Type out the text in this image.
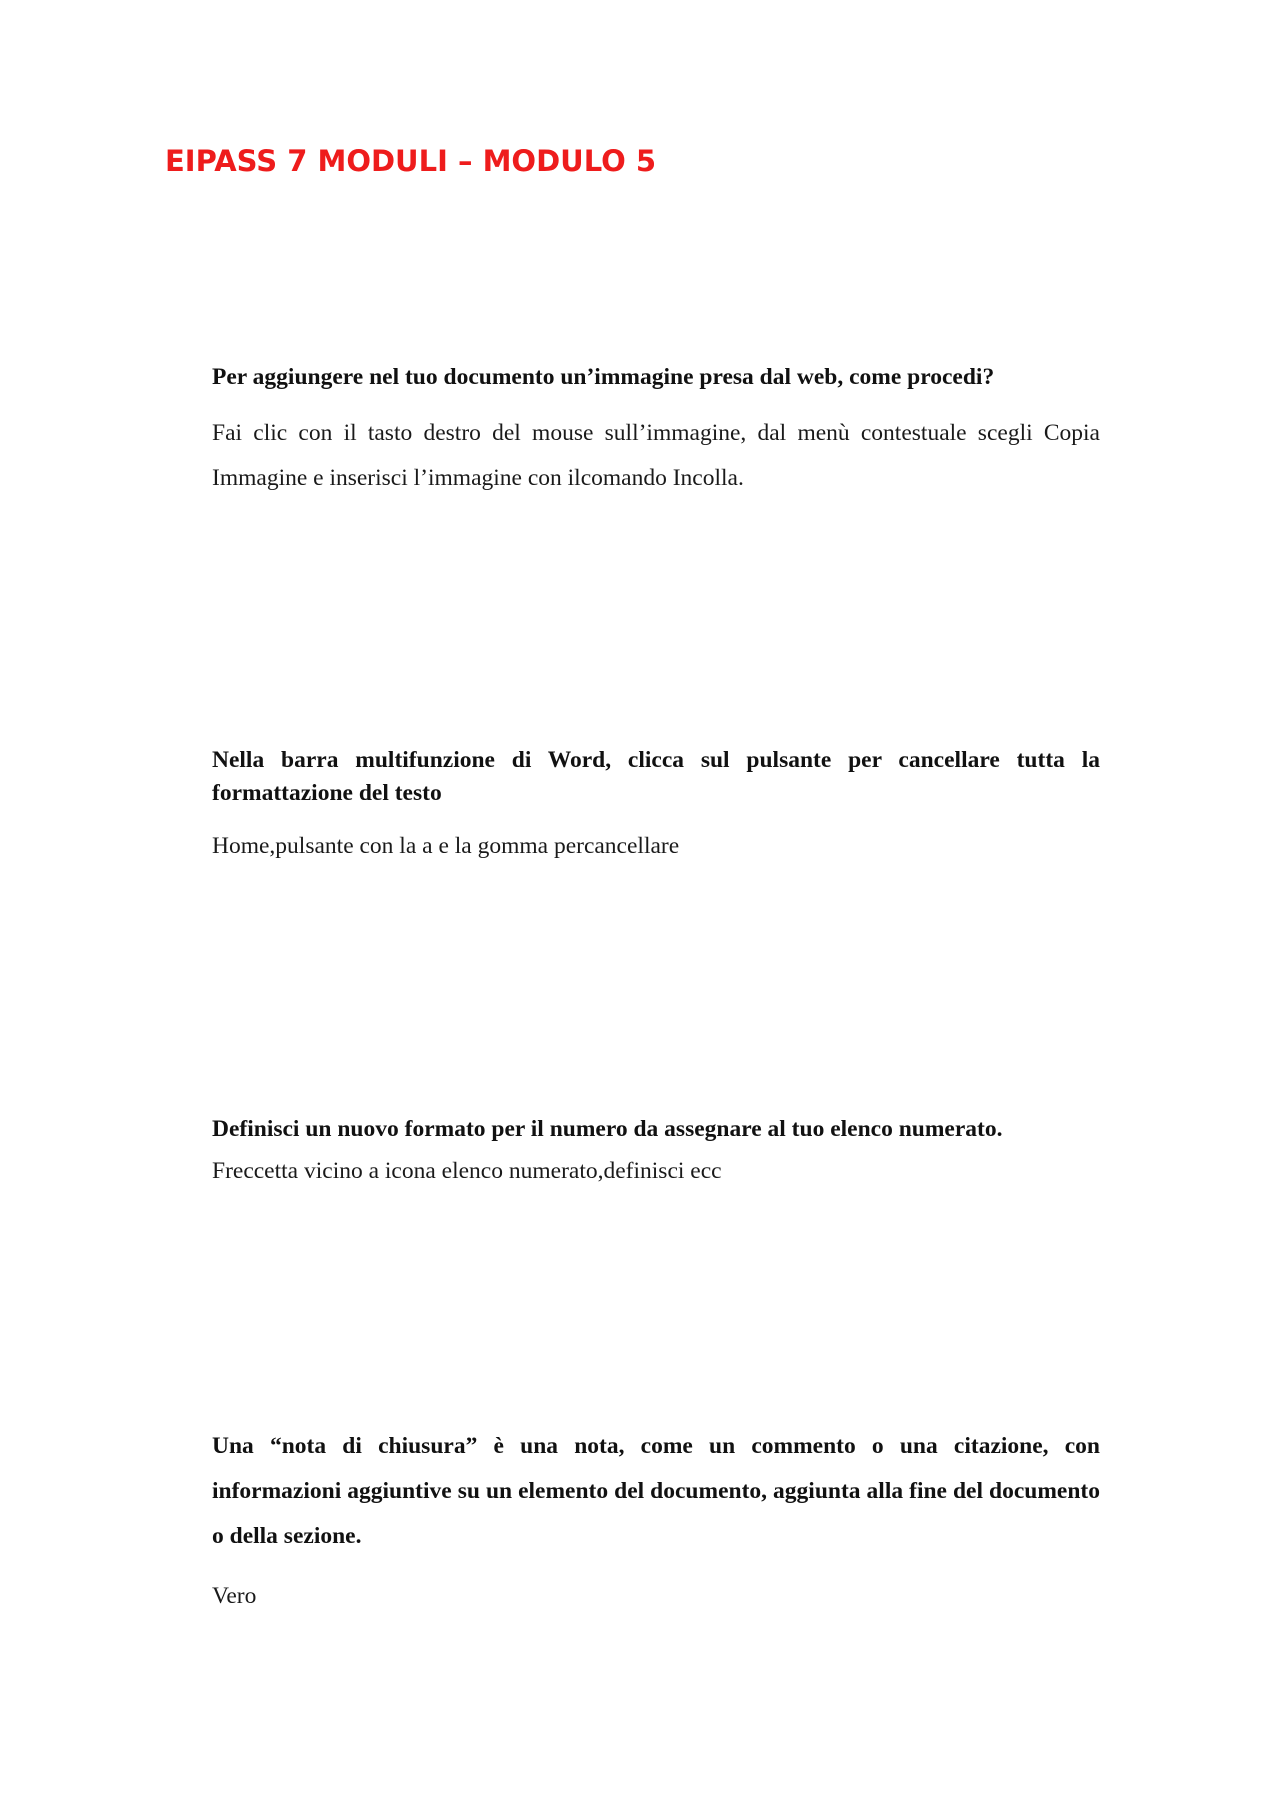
EIPASS 7 MODULI – MODULO 5

Per aggiungere nel tuo documento un’immagine presa dal web, come procedi?

Fai clic con il tasto destro del mouse sull’immagine, dal menù contestuale scegli Copia Immagine e inserisci l’immagine con ilcomando Incolla.

Nella barra multifunzione di Word, clicca sul pulsante per cancellare tutta la formattazione del testo

Home,pulsante con la a e la gomma percancellare

Definisci un nuovo formato per il numero da assegnare al tuo elenco numerato.

Freccetta vicino a icona elenco numerato,definisci ecc

Una “nota di chiusura” è una nota, come un commento o una citazione, con informazioni aggiuntive su un elemento del documento, aggiunta alla fine del documento o della sezione.

Vero
